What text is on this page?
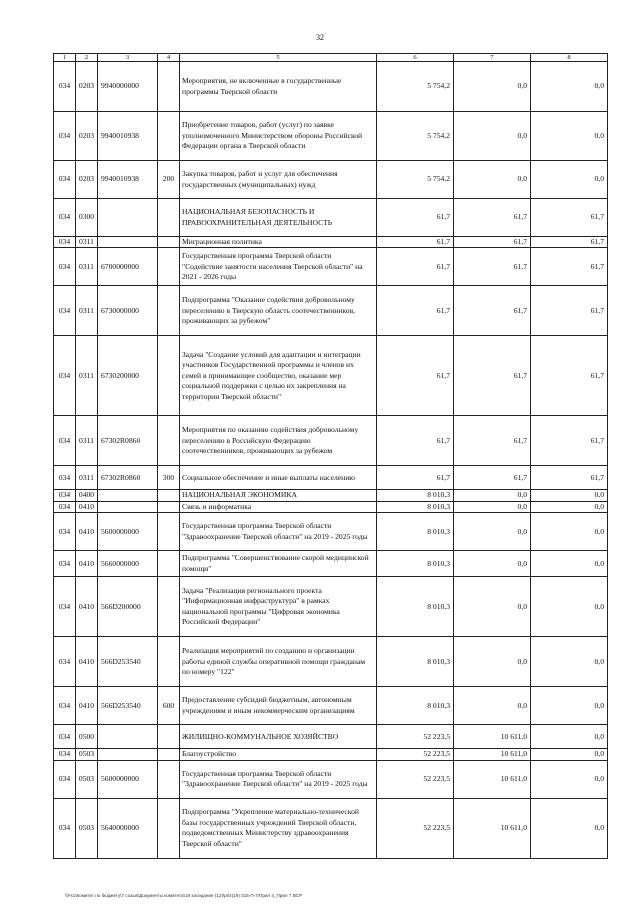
32
1	2	3	4	5	6	7	8
034	0203	9940000000		Мероприятия, не включенные в государственные программы Тверской области	5 754,2	0,0	0,0
034	0203	9940010938		Приобретение товаров, работ (услуг) по заявке уполномоченного Министерством обороны Российской Федерации органа в Тверской области	5 754,2	0,0	0,0
034	0203	9940010938	200	Закупка товаров, работ и услуг для обеспечения государственных (муниципальных) нужд	5 754,2	0,0	0,0
034	0300			НАЦИОНАЛЬНАЯ БЕЗОПАСНОСТЬ И ПРАВООХРАНИТЕЛЬНАЯ ДЕЯТЕЛЬНОСТЬ	61,7	61,7	61,7
034	0311			Миграционная политика	61,7	61,7	61,7
034	0311	6700000000		Государственная программа Тверской области "Содействие занятости населения Тверской области" на 2021 - 2026 годы	61,7	61,7	61,7
034	0311	6730000000		Подпрограмма "Оказание содействия добровольному переселению в Тверскую область соотечественников, проживающих за рубежом"	61,7	61,7	61,7
034	0311	6730200000		Задача "Создание условий для адаптации и интеграции участников Государственной программы и членов их семей в принимающее сообщество, оказание мер социальной поддержки с целью их закрепления на территории Тверской области"	61,7	61,7	61,7
034	0311	67302R0860		Мероприятия по оказанию содействия добровольному переселению в Российскую Федерацию соотечественников, проживающих за рубежом	61,7	61,7	61,7
034	0311	67302R0860	300	Социальное обеспечение и иные выплаты населению	61,7	61,7	61,7
034	0400			НАЦИОНАЛЬНАЯ ЭКОНОМИКА	8 010,3	0,0	0,0
034	0410			Связь и информатика	8 010,3	0,0	0,0
034	0410	5600000000		Государственная программа Тверской области "Здравоохранение Тверской области" на 2019 - 2025 годы	8 010,3	0,0	0,0
034	0410	5660000000		Подпрограмма "Совершенствование скорой медицинской помощи"	8 010,3	0,0	0,0
034	0410	566D200000		Задача "Реализация регионального проекта "Информационная инфраструктура" в рамках национальной программы "Цифровая экономика Российской Федерации"	8 010,3	0,0	0,0
034	0410	566D253540		Реализация мероприятий по созданию и организации работы единой службы оперативной помощи гражданам по номеру "122"	8 010,3	0,0	0,0
034	0410	566D253540	600	Предоставление субсидий бюджетным, автономным учреждениям и иным некоммерческим организациям	8 010,3	0,0	0,0
034	0500			ЖИЛИЩНО-КОММУНАЛЬНОЕ ХОЗЯЙСТВО	52 223,5	10 611,0	0,0
034	0503			Благоустройство	52 223,5	10 611,0	0,0
034	0503	5600000000		Государственная программа Тверской области "Здравоохранение Тверской области" на 2019 - 2025 годы	52 223,5	10 611,0	0,0
034	0503	5640000000		Подпрограмма "Укрепление материально-технической базы государственных учреждений Тверской области, подведомственных Министерству здравоохранения Тверской области"	52 223,5	10 611,0	0,0
\\Fs1\Комитет по бюджету\7 созыв\Документы комитета\19 заседание (12)\prlz(19) 315-П-7\Прил 4_Прил 7 ВСР
